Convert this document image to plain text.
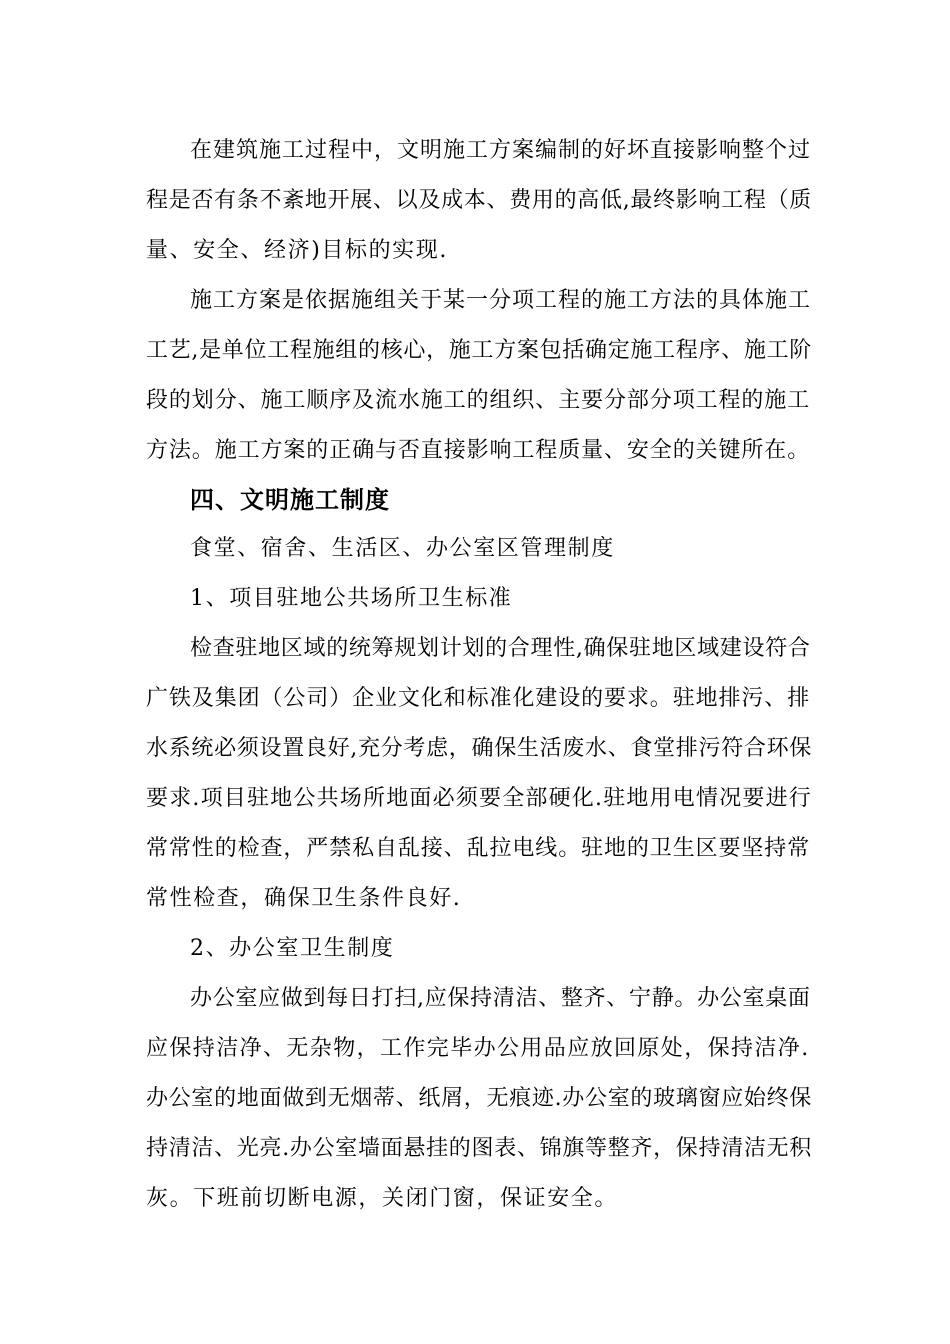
在建筑施工过程中，文明施工方案编制的好坏直接影响整个过
程是否有条不紊地开展、以及成本、费用的高低,最终影响工程（质
量、安全、经济)目标的实现.
施工方案是依据施组关于某一分项工程的施工方法的具体施工
工艺,是单位工程施组的核心，施工方案包括确定施工程序、施工阶
段的划分、施工顺序及流水施工的组织、主要分部分项工程的施工
方法。施工方案的正确与否直接影响工程质量、安全的关键所在。
四、文明施工制度
食堂、宿舍、生活区、办公室区管理制度
1、项目驻地公共场所卫生标准
检查驻地区域的统筹规划计划的合理性,确保驻地区域建设符合
广铁及集团（公司）企业文化和标准化建设的要求。驻地排污、排
水系统必须设置良好,充分考虑，确保生活废水、食堂排污符合环保
要求.项目驻地公共场所地面必须要全部硬化.驻地用电情况要进行
常常性的检查，严禁私自乱接、乱拉电线。驻地的卫生区要坚持常
常性检查，确保卫生条件良好.
2、办公室卫生制度
办公室应做到每日打扫,应保持清洁、整齐、宁静。办公室桌面
应保持洁净、无杂物，工作完毕办公用品应放回原处，保持洁净.
办公室的地面做到无烟蒂、纸屑，无痕迹.办公室的玻璃窗应始终保
持清洁、光亮.办公室墙面悬挂的图表、锦旗等整齐，保持清洁无积
灰。下班前切断电源，关闭门窗，保证安全。
